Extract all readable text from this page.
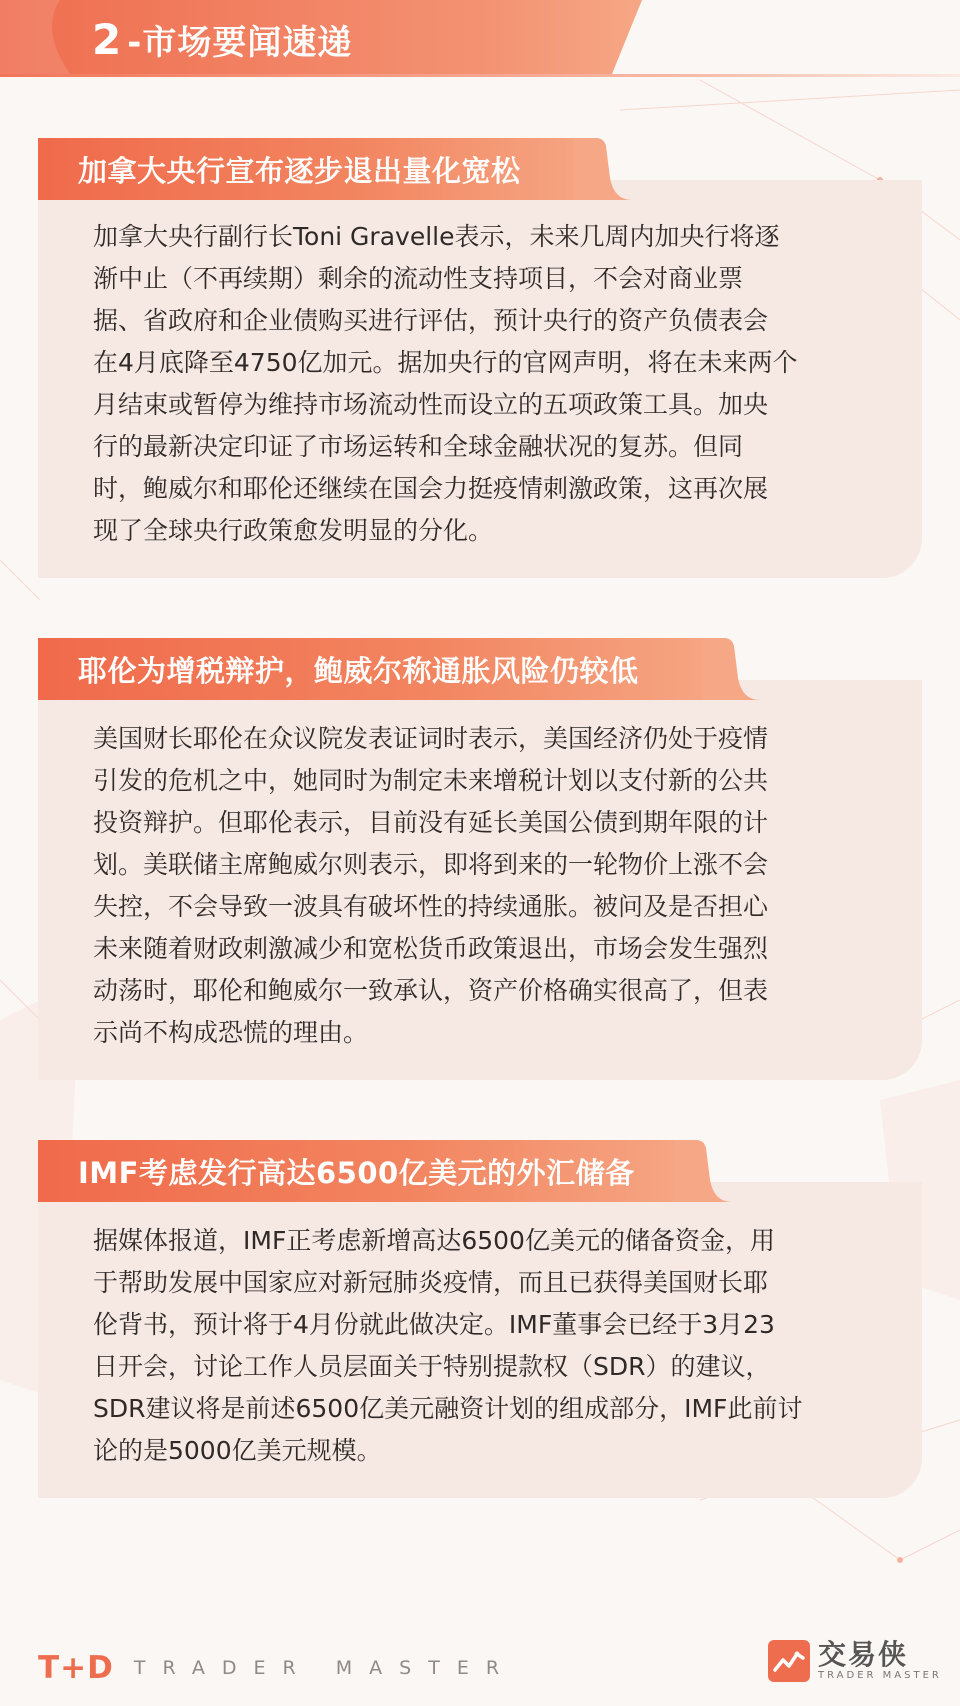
2 -市场要闻速递
加拿大央行宣布逐步退出量化宽松
加拿大央行副行长Toni Gravelle表示，未来几周内加央行将逐
渐中止（不再续期）剩余的流动性支持项目，不会对商业票
据、省政府和企业债购买进行评估，预计央行的资产负债表会
在4月底降至4750亿加元。据加央行的官网声明，将在未来两个
月结束或暂停为维持市场流动性而设立的五项政策工具。加央
行的最新决定印证了市场运转和全球金融状况的复苏。但同
时，鲍威尔和耶伦还继续在国会力挺疫情刺激政策，这再次展
现了全球央行政策愈发明显的分化。
耶伦为增税辩护，鲍威尔称通胀风险仍较低
美国财长耶伦在众议院发表证词时表示，美国经济仍处于疫情
引发的危机之中，她同时为制定未来增税计划以支付新的公共
投资辩护。但耶伦表示，目前没有延长美国公债到期年限的计
划。美联储主席鲍威尔则表示，即将到来的一轮物价上涨不会
失控，不会导致一波具有破坏性的持续通胀。被问及是否担心
未来随着财政刺激减少和宽松货币政策退出，市场会发生强烈
动荡时，耶伦和鲍威尔一致承认，资产价格确实很高了，但表
示尚不构成恐慌的理由。
IMF考虑发行高达6500亿美元的外汇储备
据媒体报道，IMF正考虑新增高达6500亿美元的储备资金，用
于帮助发展中国家应对新冠肺炎疫情，而且已获得美国财长耶
伦背书，预计将于4月份就此做决定。IMF董事会已经于3月23
日开会，讨论工作人员层面关于特别提款权（SDR）的建议，
SDR建议将是前述6500亿美元融资计划的组成部分，IMF此前讨
论的是5000亿美元规模。
T+D TRADER MASTER	交易侠
TRADER MASTER
